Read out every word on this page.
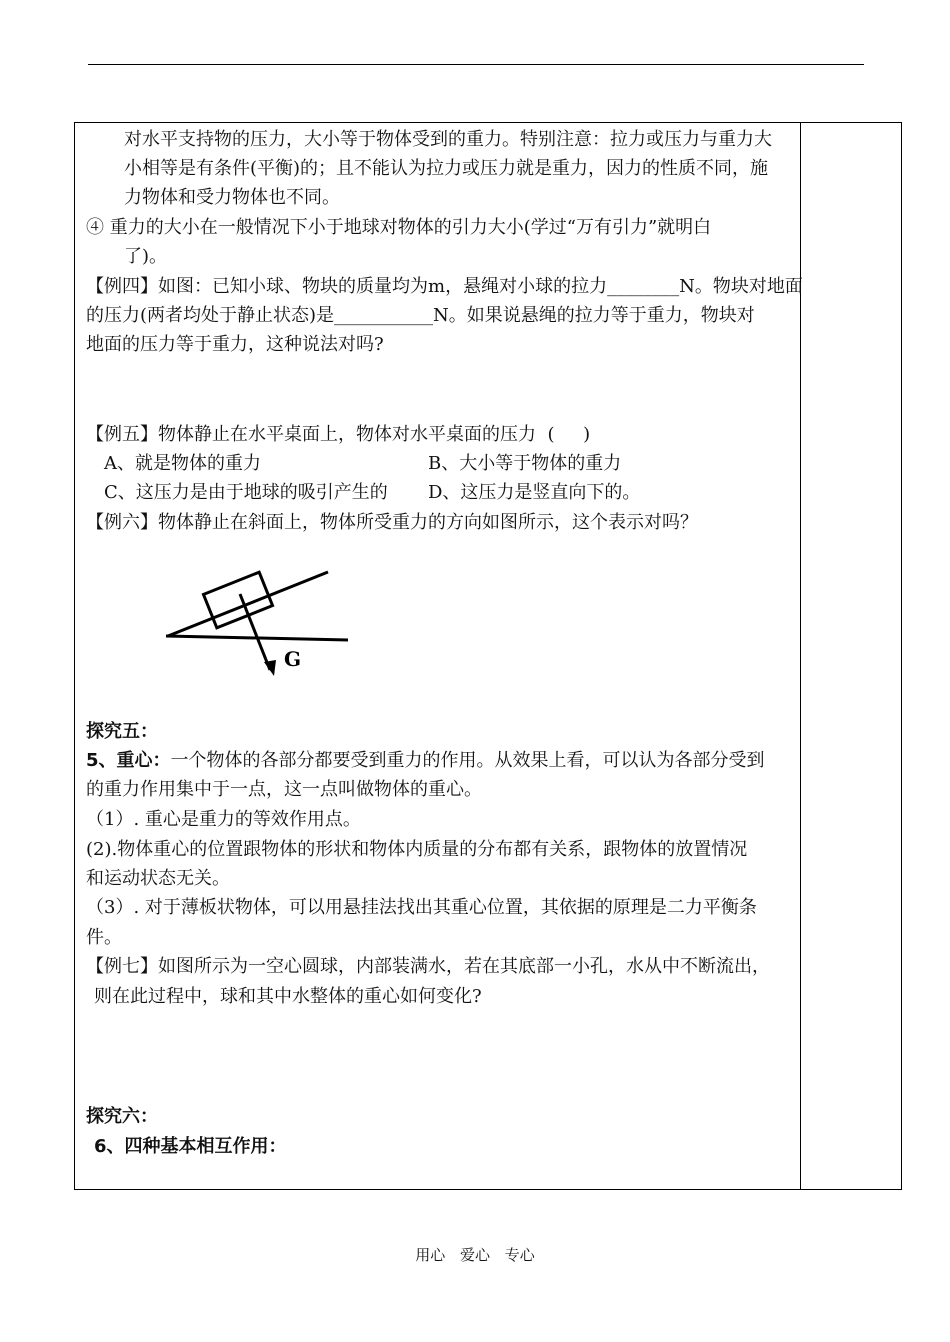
对水平支持物的压力，大小等于物体受到的重力。特别注意：拉力或压力与重力大
小相等是有条件(平衡)的；且不能认为拉力或压力就是重力，因力的性质不同，施
力物体和受力物体也不同。
④ 重力的大小在一般情况下小于地球对物体的引力大小(学过“万有引力”就明白
了)。
【例四】如图：已知小球、物块的质量均为m，悬绳对小球的拉力________N。物块对地面
的压力(两者均处于静止状态)是___________N。如果说悬绳的拉力等于重力，物块对
地面的压力等于重力，这种说法对吗?
【例五】物体静止在水平桌面上，物体对水平桌面的压力  (     )
A、就是物体的重力	B、大小等于物体的重力
C、这压力是由于地球的吸引产生的 D、这压力是竖直向下的。
【例六】物体静止在斜面上，物体所受重力的方向如图所示，这个表示对吗？
G
探究五：
5、重心：一个物体的各部分都要受到重力的作用。从效果上看，可以认为各部分受到
的重力作用集中于一点，这一点叫做物体的重心。
（1）. 重心是重力的等效作用点。
(2).物体重心的位置跟物体的形状和物体内质量的分布都有关系，跟物体的放置情况
和运动状态无关。
（3）. 对于薄板状物体，可以用悬挂法找出其重心位置，其依据的原理是二力平衡条
件。
【例七】如图所示为一空心圆球，内部装满水，若在其底部一小孔，水从中不断流出，
则在此过程中，球和其中水整体的重心如何变化?
探究六：
6、四种基本相互作用：
用心 爱心 专心
